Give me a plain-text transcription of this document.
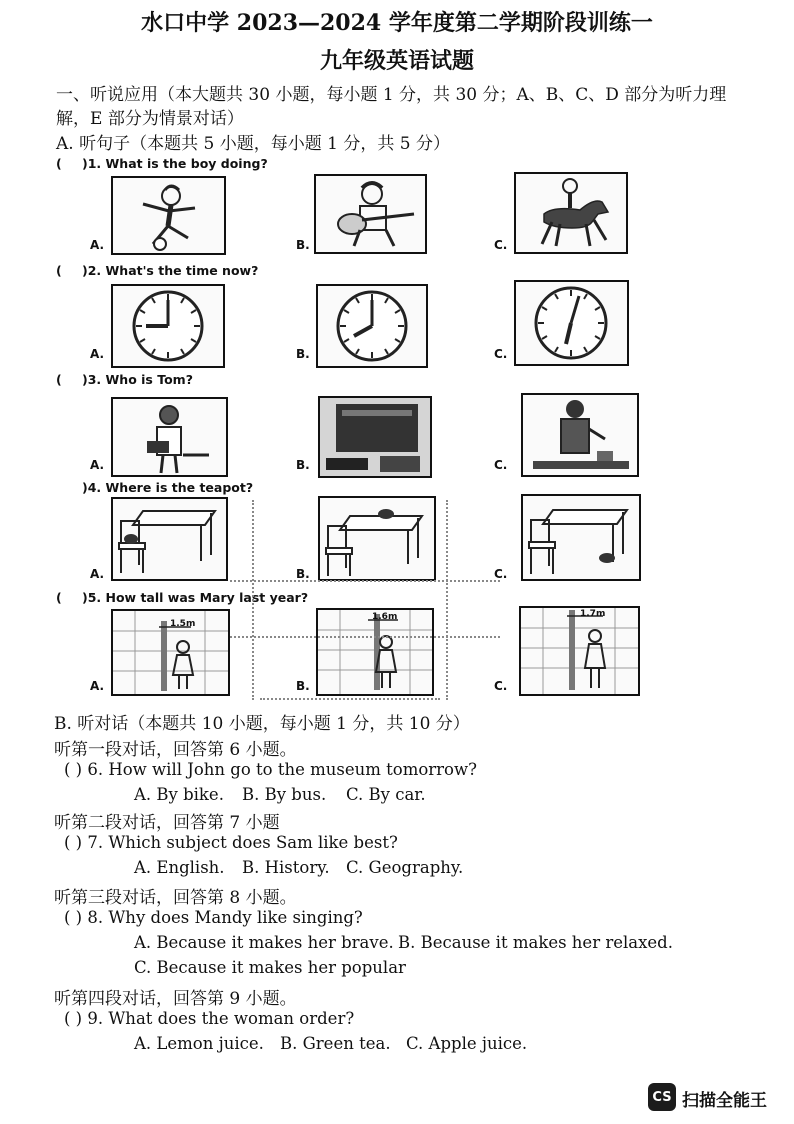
水口中学 2023—2024 学年度第二学期阶段训练一
九年级英语试题
一、听说应用（本大题共 30 小题，每小题 1 分，共 30 分；A、B、C、D 部分为听力理
解，E 部分为情景对话）
A. 听句子（本题共 5 小题，每小题 1 分，共 5 分）
( )1. What is the boy doing?
A.	B.	C.
( )2. What's the time now?
A.	B.	C.
( )3. Who is Tom?
A.	B.	C.
)4. Where is the teapot?
A.	B.	C.
( )5. How tall was Mary last year?
A.
1.5m
B.
1.6m
C.
1.7m
B. 听对话（本题共 10 小题，每小题 1 分，共 10 分）
听第一段对话，回答第 6 小题。
( ) 6. How will John go to the museum tomorrow?
A. By bike. B. By bus. C. By car.
听第二段对话，回答第 7 小题
( ) 7. Which subject does Sam like best?
A. English. B. History. C. Geography.
听第三段对话，回答第 8 小题。
( ) 8. Why does Mandy like singing?
A. Because it makes her brave. B. Because it makes her relaxed.
C. Because it makes her popular
听第四段对话，回答第 9 小题。
( ) 9. What does the woman order?
A. Lemon juice. B. Green tea. C. Apple juice.
CS 扫描全能王
